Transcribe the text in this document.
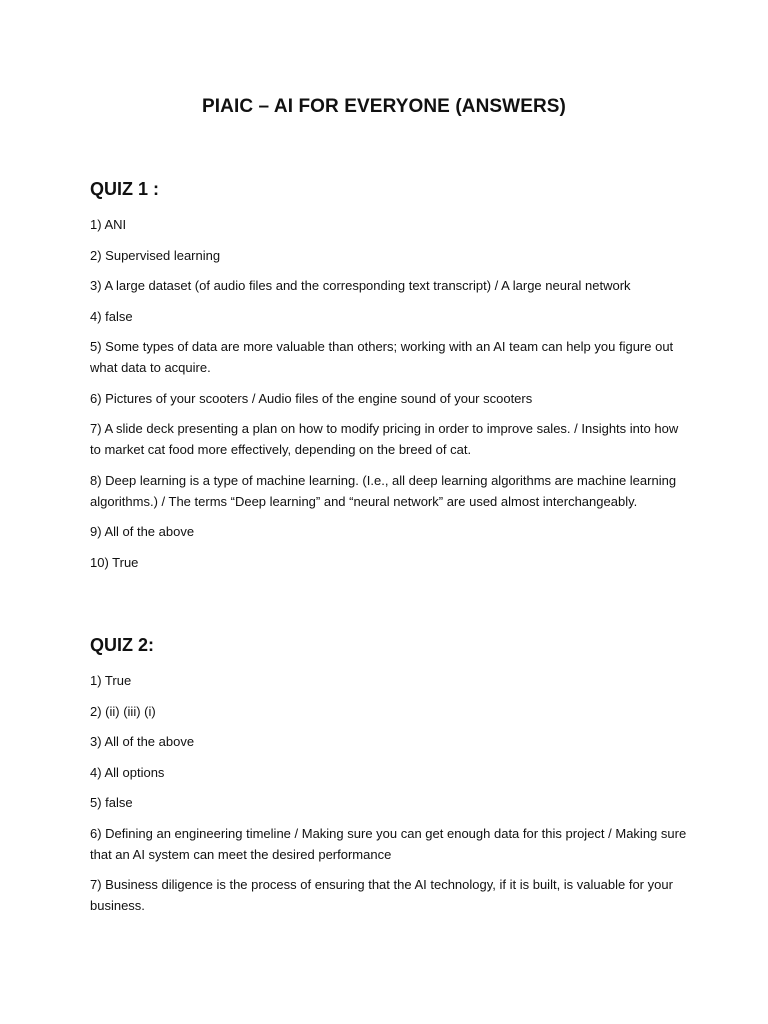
PIAIC – AI FOR EVERYONE (ANSWERS)
QUIZ 1 :
1) ANI
2) Supervised learning
3) A large dataset (of audio files and the corresponding text transcript) / A large neural network
4) false
5) Some types of data are more valuable than others; working with an AI team can help you figure out what data to acquire.
6) Pictures of your scooters / Audio files of the engine sound of your scooters
7) A slide deck presenting a plan on how to modify pricing in order to improve sales. / Insights into how to market cat food more effectively, depending on the breed of cat.
8) Deep learning is a type of machine learning. (I.e., all deep learning algorithms are machine learning algorithms.) / The terms “Deep learning” and “neural network” are used almost interchangeably.
9) All of the above
10) True
QUIZ 2:
1) True
2) (ii) (iii) (i)
3) All of the above
4) All options
5) false
6) Defining an engineering timeline / Making sure you can get enough data for this project / Making sure that an AI system can meet the desired performance
7) Business diligence is the process of ensuring that the AI technology, if it is built, is valuable for your business.
